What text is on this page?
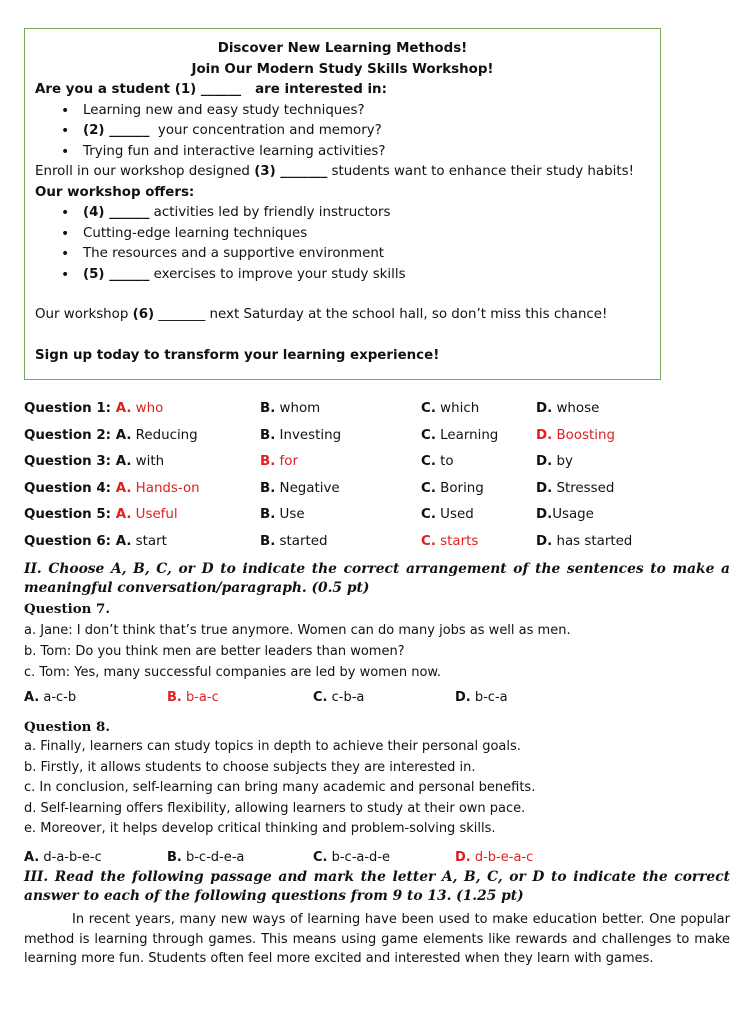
Discover New Learning Methods!
Join Our Modern Study Skills Workshop!
Are you a student (1) ______   are interested in:
• Learning new and easy study techniques?
• (2) ______  your concentration and memory?
• Trying fun and interactive learning activities?
Enroll in our workshop designed (3) _______ students want to enhance their study habits!
Our workshop offers:
• (4) ______ activities led by friendly instructors
• Cutting-edge learning techniques
• The resources and a supportive environment
• (5) ______ exercises to improve your study skills
Our workshop (6) _______ next Saturday at the school hall, so don’t miss this chance!
Sign up today to transform your learning experience!
Question 1: A. who	B. whom	C. which	D. whose
Question 2: A. Reducing	B. Investing	C. Learning	D. Boosting
Question 3: A. with	B. for	C. to	D. by
Question 4: A. Hands-on	B. Negative	C. Boring	D. Stressed
Question 5: A. Useful	B. Use	C. Used	D.Usage
Question 6: A. start	B. started	C. starts	D. has started
II. Choose A, B, C, or D to indicate the correct arrangement of the sentences to make a meaningful conversation/paragraph. (0.5 pt)
Question 7.
a. Jane: I don’t think that’s true anymore. Women can do many jobs as well as men.
b. Tom: Do you think men are better leaders than women?
c. Tom: Yes, many successful companies are led by women now.
A. a-c-b	B. b-a-c	C. c-b-a	D. b-c-a
Question 8.
a. Finally, learners can study topics in depth to achieve their personal goals.
b. Firstly, it allows students to choose subjects they are interested in.
c. In conclusion, self-learning can bring many academic and personal benefits.
d. Self-learning offers flexibility, allowing learners to study at their own pace.
e. Moreover, it helps develop critical thinking and problem-solving skills.
A. d-a-b-e-c	B. b-c-d-e-a	C. b-c-a-d-e	D. d-b-e-a-c
III. Read the following passage and mark the letter A, B, C, or D to indicate the correct answer to each of the following questions from 9 to 13. (1.25 pt)
In recent years, many new ways of learning have been used to make education better. One popular method is learning through games. This means using game elements like rewards and challenges to make learning more fun. Students often feel more excited and interested when they learn with games.
